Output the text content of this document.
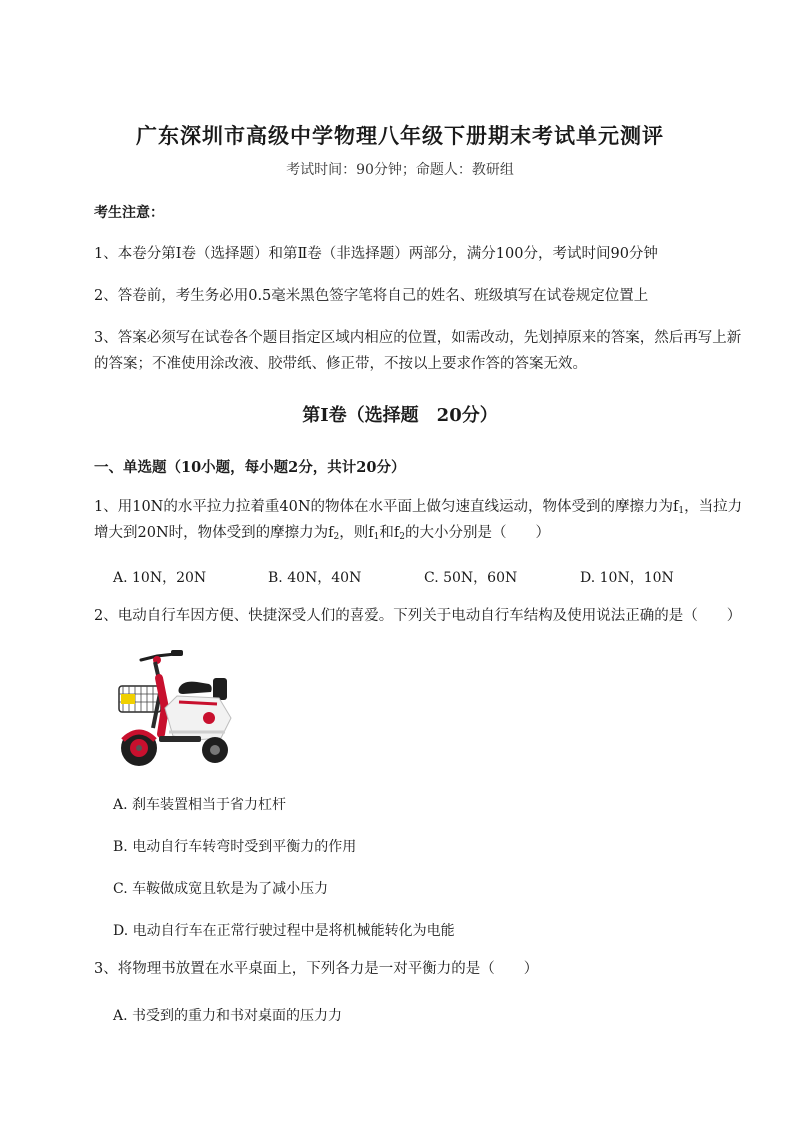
广东深圳市高级中学物理八年级下册期末考试单元测评
考试时间：90分钟；命题人：教研组
考生注意：
1、本卷分第Ⅰ卷（选择题）和第Ⅱ卷（非选择题）两部分，满分100分，考试时间90分钟
2、答卷前，考生务必用0.5毫米黑色签字笔将自己的姓名、班级填写在试卷规定位置上
3、答案必须写在试卷各个题目指定区域内相应的位置，如需改动，先划掉原来的答案，然后再写上新
的答案；不准使用涂改液、胶带纸、修正带，不按以上要求作答的答案无效。
第Ⅰ卷（选择题　20分）
一、单选题（10小题，每小题2分，共计20分）
1、用10N的水平拉力拉着重40N的物体在水平面上做匀速直线运动，物体受到的摩擦力为$f_1$，当拉力
增大到20N时，物体受到的摩擦力为$f_2$，则$f_1$和$f_2$的大小分别是（　　）
A. 10N，20N	B. 40N，40N	C. 50N，60N	D. 10N，10N
2、电动自行车因方便、快捷深受人们的喜爱。下列关于电动自行车结构及使用说法正确的是（　　）
A. 刹车装置相当于省力杠杆
B. 电动自行车转弯时受到平衡力的作用
C. 车鞍做成宽且软是为了减小压力
D. 电动自行车在正常行驶过程中是将机械能转化为电能
3、将物理书放置在水平桌面上，下列各力是一对平衡力的是（　　）
A. 书受到的重力和书对桌面的压力力
